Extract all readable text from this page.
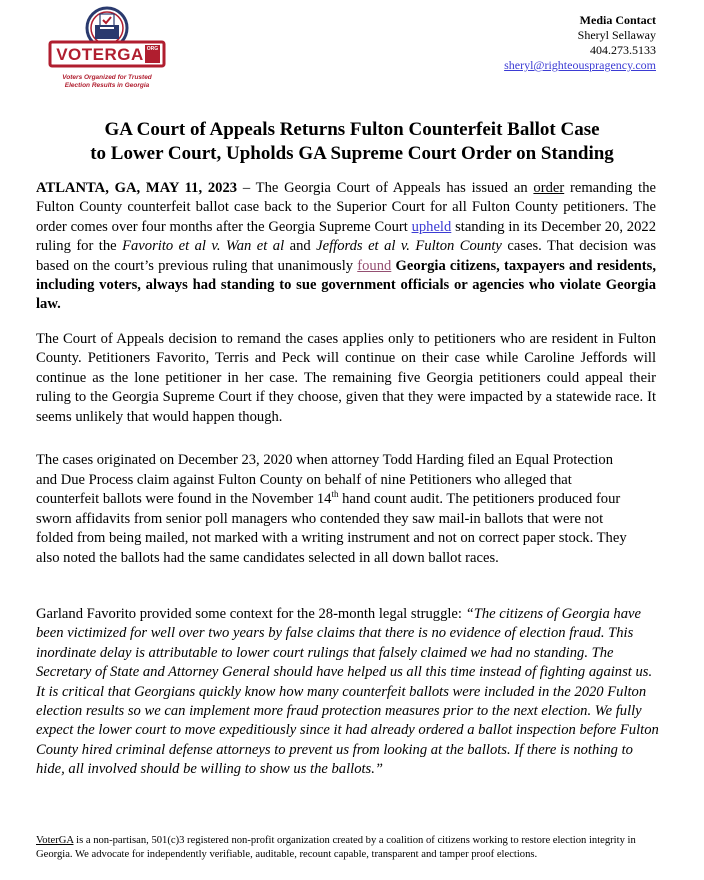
VOTERGA ORG
Voters Organized for Trusted
Election Results in Georgia
Media Contact
Sheryl Sellaway
404.273.5133
sheryl@righteouspragency.com
GA Court of Appeals Returns Fulton Counterfeit Ballot Case
to Lower Court, Upholds GA Supreme Court Order on Standing
ATLANTA, GA, MAY 11, 2023 – The Georgia Court of Appeals has issued an order remanding the Fulton County counterfeit ballot case back to the Superior Court for all Fulton County petitioners. The order comes over four months after the Georgia Supreme Court upheld standing in its December 20, 2022 ruling for the Favorito et al v. Wan et al and Jeffords et al v. Fulton County cases. That decision was based on the court’s previous ruling that unanimously found Georgia citizens, taxpayers and residents, including voters, always had standing to sue government officials or agencies who violate Georgia law.
The Court of Appeals decision to remand the cases applies only to petitioners who are resident in Fulton County. Petitioners Favorito, Terris and Peck will continue on their case while Caroline Jeffords will continue as the lone petitioner in her case. The remaining five Georgia petitioners could appeal their ruling to the Georgia Supreme Court if they choose, given that they were impacted by a statewide race. It seems unlikely that would happen though.
The cases originated on December 23, 2020 when attorney Todd Harding filed an Equal Protection and Due Process claim against Fulton County on behalf of nine Petitioners who alleged that counterfeit ballots were found in the November 14th hand count audit. The petitioners produced four sworn affidavits from senior poll managers who contended they saw mail-in ballots that were not folded from being mailed, not marked with a writing instrument and not on correct paper stock. They also noted the ballots had the same candidates selected in all down ballot races.
Garland Favorito provided some context for the 28-month legal struggle: “The citizens of Georgia have been victimized for well over two years by false claims that there is no evidence of election fraud. This inordinate delay is attributable to lower court rulings that falsely claimed we had no standing. The Secretary of State and Attorney General should have helped us all this time instead of fighting against us. It is critical that Georgians quickly know how many counterfeit ballots were included in the 2020 Fulton election results so we can implement more fraud protection measures prior to the next election. We fully expect the lower court to move expeditiously since it had already ordered a ballot inspection before Fulton County hired criminal defense attorneys to prevent us from looking at the ballots. If there is nothing to hide, all involved should be willing to show us the ballots.”
VoterGA is a non-partisan, 501(c)3 registered non-profit organization created by a coalition of citizens working to restore election integrity in Georgia. We advocate for independently verifiable, auditable, recount capable, transparent and tamper proof elections.
